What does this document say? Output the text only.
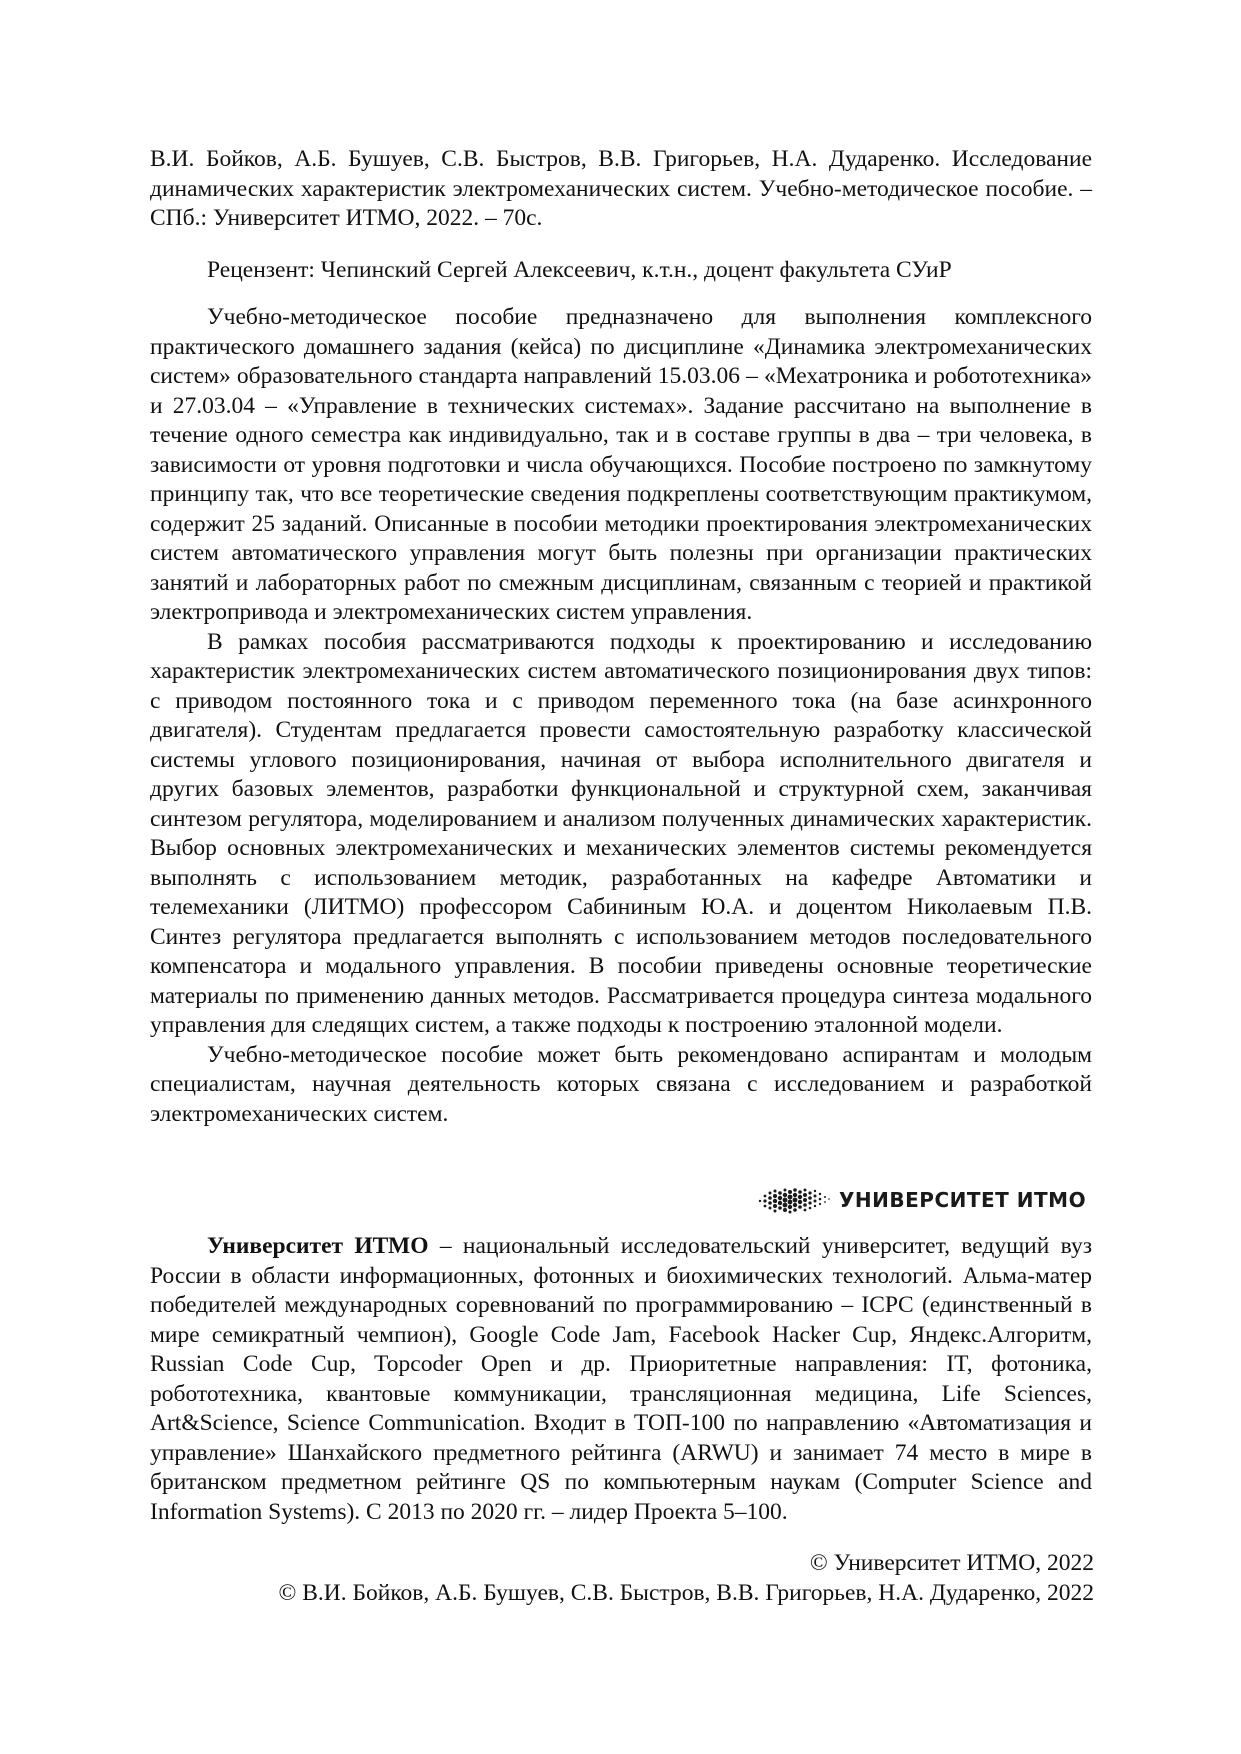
В.И. Бойков, А.Б. Бушуев, С.В. Быстров, В.В. Григорьев, Н.А. Дударенко. Исследование динамических характеристик электромеханических систем. Учебно-методическое пособие. – СПб.: Университет ИТМО, 2022. – 70с.

Рецензент: Чепинский Сергей Алексеевич, к.т.н., доцент факультета СУиР

Учебно-методическое пособие предназначено для выполнения комплексного практического домашнего задания (кейса) по дисциплине «Динамика электромеханических систем» образовательного стандарта направлений 15.03.06 – «Мехатроника и робототехника» и 27.03.04 – «Управление в технических системах». Задание рассчитано на выполнение в течение одного семестра как индивидуально, так и в составе группы в два – три человека, в зависимости от уровня подготовки и числа обучающихся. Пособие построено по замкнутому принципу так, что все теоретические сведения подкреплены соответствующим практикумом, содержит 25 заданий. Описанные в пособии методики проектирования электромеханических систем автоматического управления могут быть полезны при организации практических занятий и лабораторных работ по смежным дисциплинам, связанным с теорией и практикой электропривода и электромеханических систем управления.

В рамках пособия рассматриваются подходы к проектированию и исследованию характеристик электромеханических систем автоматического позиционирования двух типов: с приводом постоянного тока и с приводом переменного тока (на базе асинхронного двигателя). Студентам предлагается провести самостоятельную разработку классической системы углового позиционирования, начиная от выбора исполнительного двигателя и других базовых элементов, разработки функциональной и структурной схем, заканчивая синтезом регулятора, моделированием и анализом полученных динамических характеристик. Выбор основных электромеханических и механических элементов системы рекомендуется выполнять с использованием методик, разработанных на кафедре Автоматики и телемеханики (ЛИТМО) профессором Сабининым Ю.А. и доцентом Николаевым П.В. Синтез регулятора предлагается выполнять с использованием методов последовательного компенсатора и модального управления. В пособии приведены основные теоретические материалы по применению данных методов. Рассматривается процедура синтеза модального управления для следящих систем, а также подходы к построению эталонной модели.

Учебно-методическое пособие может быть рекомендовано аспирантам и молодым специалистам, научная деятельность которых связана с исследованием и разработкой электромеханических систем.

УНИВЕРСИТЕТ ИТМО

Университет ИТМО – национальный исследовательский университет, ведущий вуз России в области информационных, фотонных и биохимических технологий. Альма-матер победителей международных соревнований по программированию – ICPC (единственный в мире семикратный чемпион), Google Code Jam, Facebook Hacker Cup, Яндекс.Алгоритм, Russian Code Cup, Topcoder Open и др. Приоритетные направления: IT, фотоника, робототехника, квантовые коммуникации, трансляционная медицина, Life Sciences, Art&Science, Science Communication. Входит в ТОП-100 по направлению «Автоматизация и управление» Шанхайского предметного рейтинга (ARWU) и занимает 74 место в мире в британском предметном рейтинге QS по компьютерным наукам (Computer Science and Information Systems). С 2013 по 2020 гг. – лидер Проекта 5–100.

© Университет ИТМО, 2022
© В.И. Бойков, А.Б. Бушуев, С.В. Быстров, В.В. Григорьев, Н.А. Дударенко, 2022
